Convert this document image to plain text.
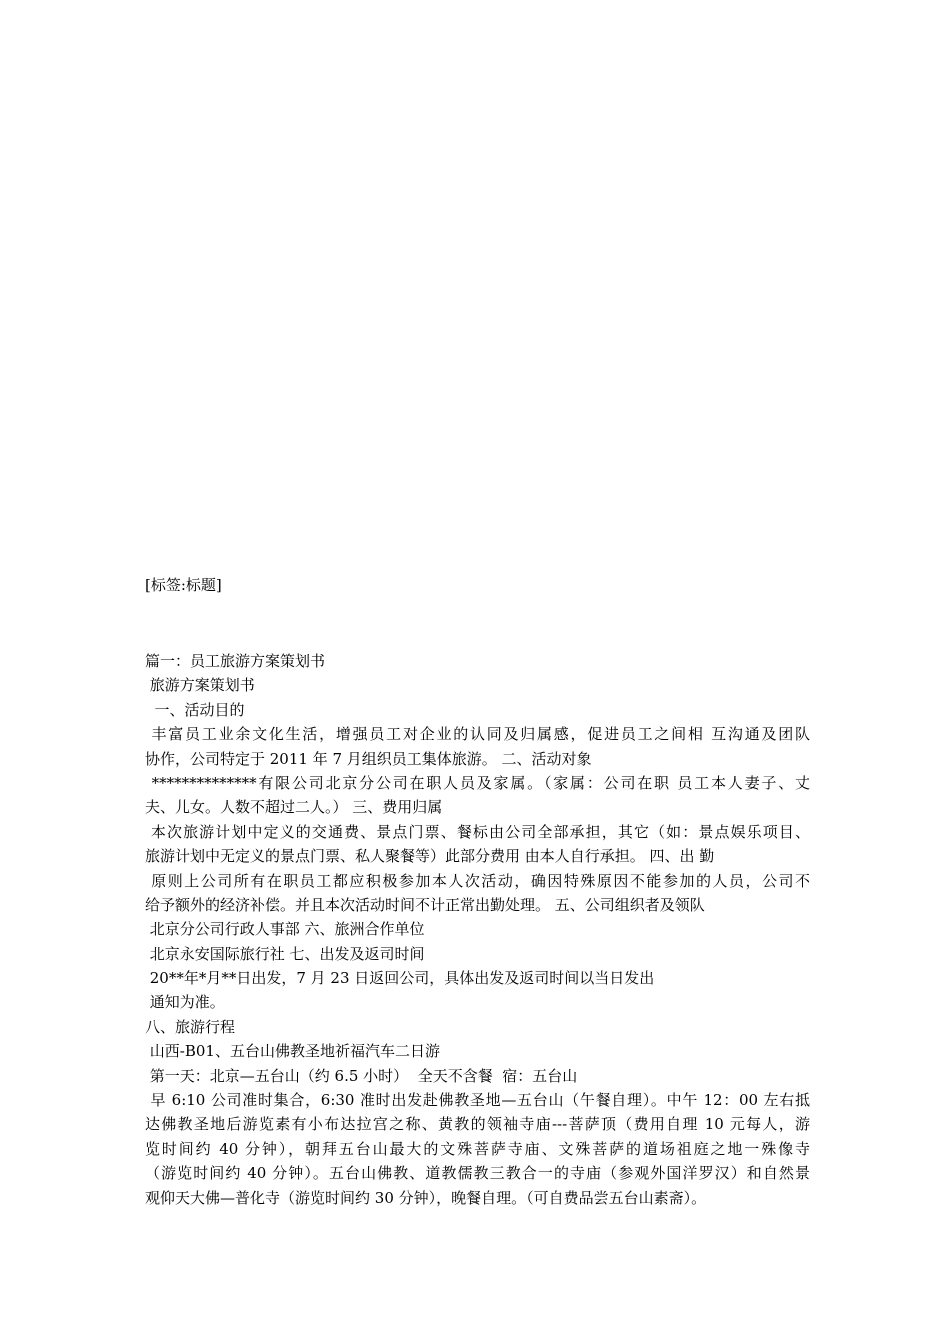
[标签:标题]
篇一：员工旅游方案策划书
旅游方案策划书
一、活动目的
丰富员工业余文化生活，增强员工对企业的认同及归属感，促进员工之间相 互沟通及团队
协作，公司特定于 2011 年 7 月组织员工集体旅游。 二、活动对象
**************有限公司北京分公司在职人员及家属。（家属：公司在职 员工本人妻子、丈
夫、儿女。人数不超过二人。） 三、费用归属
本次旅游计划中定义的交通费、景点门票、餐标由公司全部承担，其它（如：景点娱乐项目、
旅游计划中无定义的景点门票、私人聚餐等）此部分费用 由本人自行承担。 四、出 勤
原则上公司所有在职员工都应积极参加本人次活动，确因特殊原因不能参加的人员，公司不
给予额外的经济补偿。并且本次活动时间不计正常出勤处理。 五、公司组织者及领队
北京分公司行政人事部 六、旅洲合作单位
北京永安国际旅行社 七、出发及返司时间
20**年*月**日出发，7 月 23 日返回公司，具体出发及返司时间以当日发出
通知为准。
八、旅游行程
山西-B01、五台山佛教圣地祈福汽车二日游
第一天：北京—五台山（约 6.5 小时）  全天不含餐  宿：五台山
早 6:10 公司准时集合，6:30 准时出发赴佛教圣地—五台山（午餐自理）。中午 12：00 左右抵
达佛教圣地后游览素有小布达拉宫之称、黄教的领袖寺庙---菩萨顶（费用自理 10 元每人，游
览时间约 40 分钟），朝拜五台山最大的文殊菩萨寺庙、文殊菩萨的道场祖庭之地一殊像寺
（游览时间约 40 分钟）。五台山佛教、道教儒教三教合一的寺庙（参观外国洋罗汉）和自然景
观仰天大佛—普化寺（游览时间约 30 分钟），晚餐自理。（可自费品尝五台山素斋）。
